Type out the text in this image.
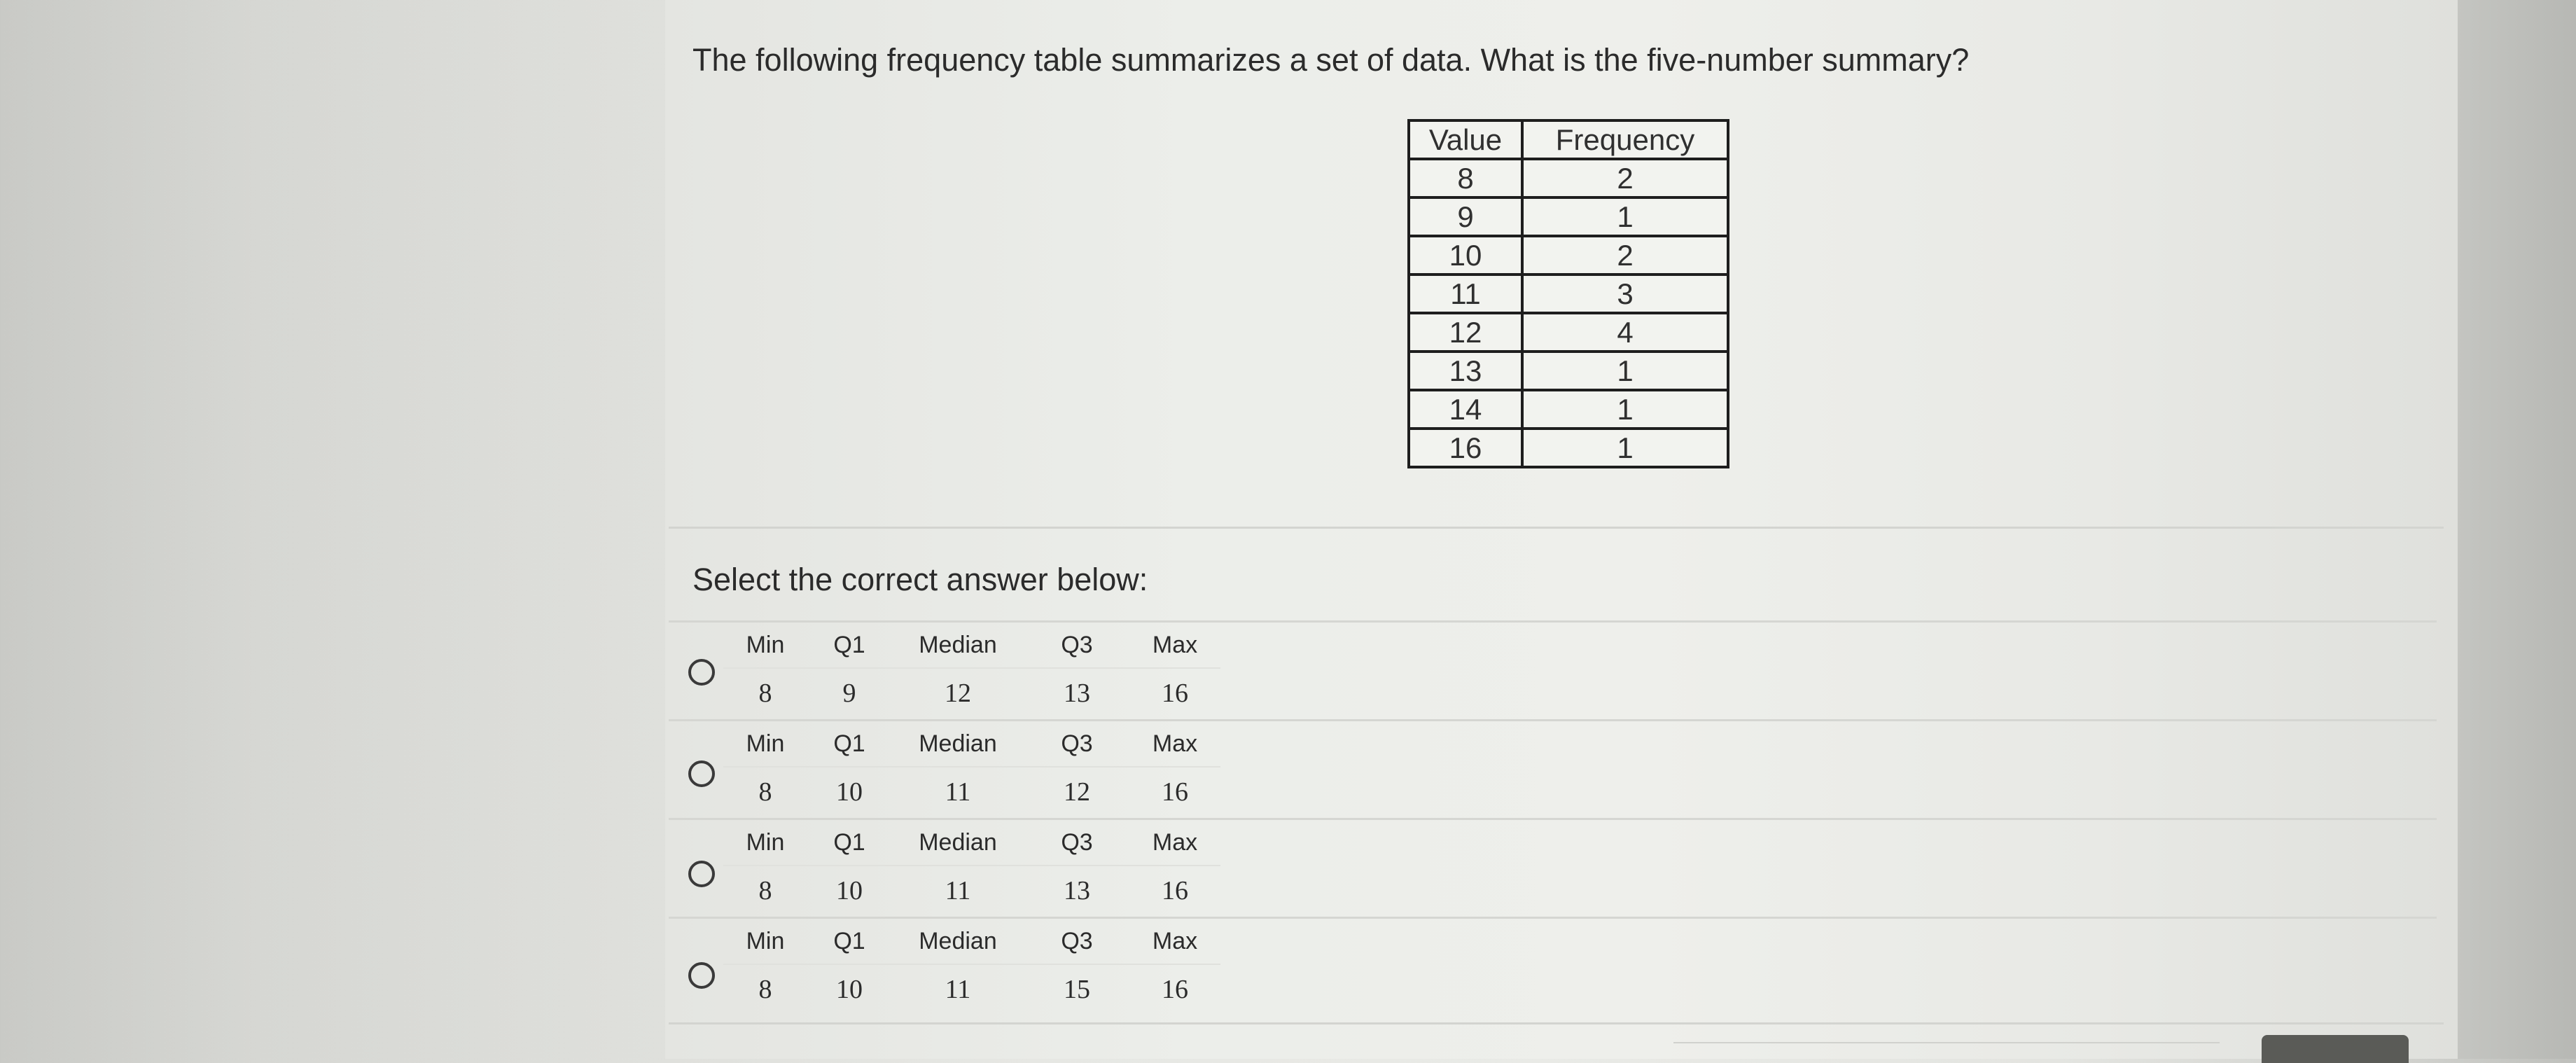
The following frequency table summarizes a set of data. What is the five-number summary?
Value	Frequency
8	2
9	1
10	2
11	3
12	4
13	1
14	1
16	1
Select the correct answer below:
Min	Q1	Median	Q3	Max
8	9	12	13	16
Min	Q1	Median	Q3	Max
8	10	11	12	16
Min	Q1	Median	Q3	Max
8	10	11	13	16
Min	Q1	Median	Q3	Max
8	10	11	15	16
